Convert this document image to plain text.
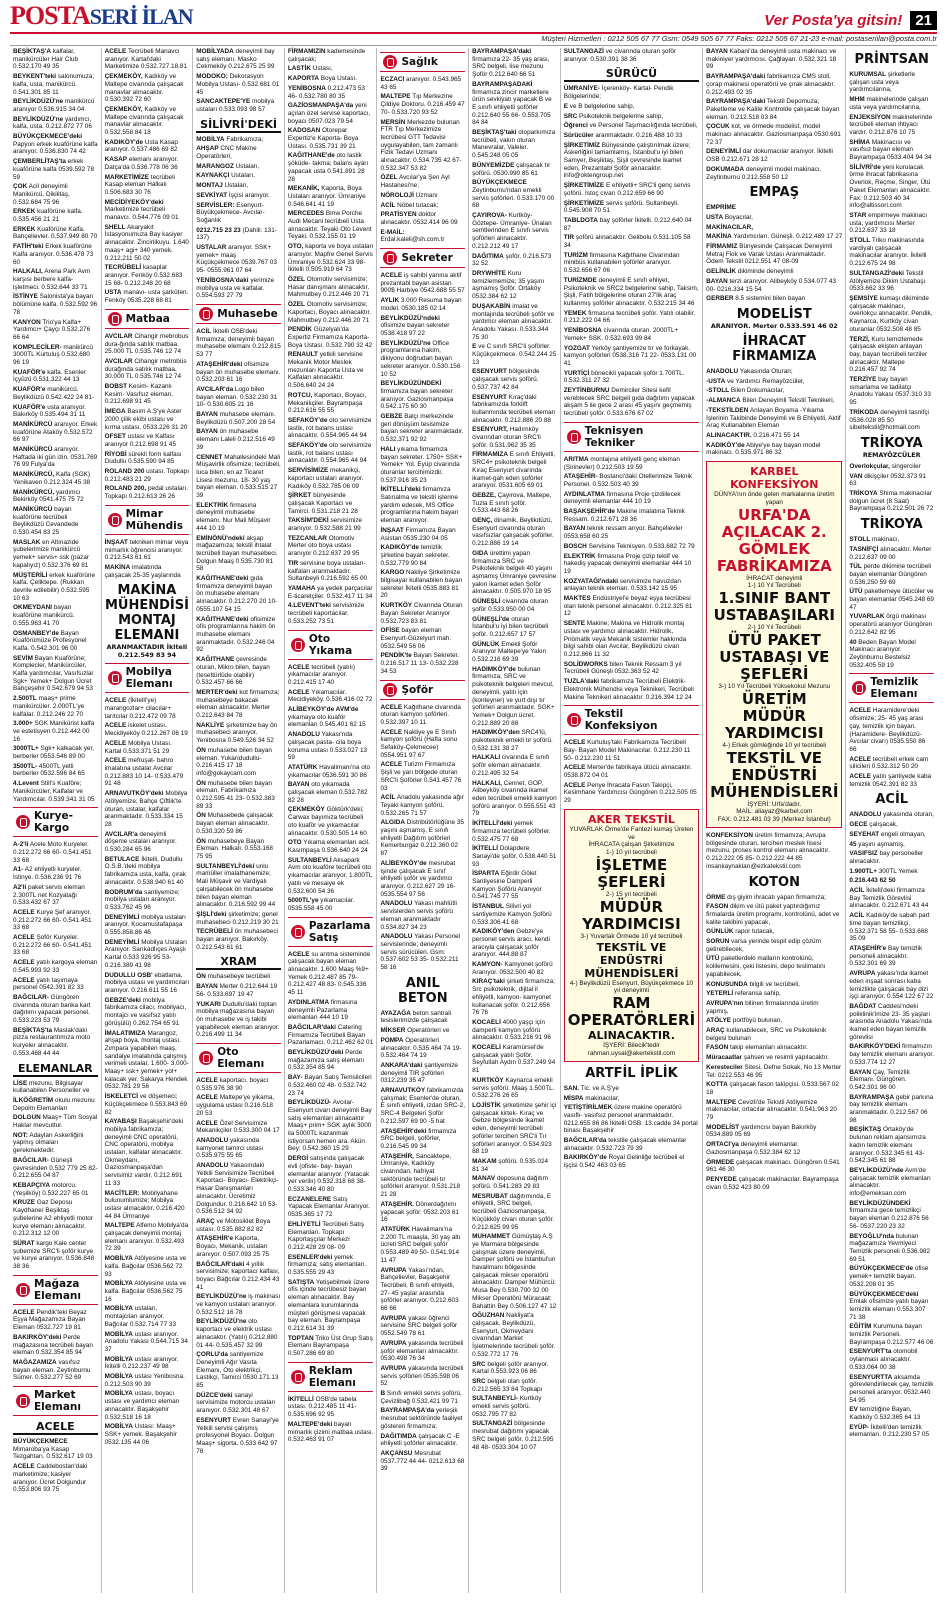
POSTASERİ İLAN	Ver Posta'ya gitsin! 21
Müşteri Hizmetleri : 0212 505 67 77 Gsm: 0549 505 67 77 Faks: 0212 505 67 21-23 e-mail: postaseriilan@posta.com.tr
BEŞİKTAŞ'A kalfalar, manikürcüler Hair Club 0.532.170 49 35
BEYKENT'teki salonumuza; kalfa, usta, manikürcü. 0.541.301 85 11
BEYLİKDÜZÜ'ne manikürcü aranıyor 0.536.915 34 04
BEYLİKDÜZÜ'ne yardımcı, kalfa, usta. 0.212.872 77 06
BÜYÜKÇEKMECE'deki Papyon erkek kuaförüne kalfa aranıyor. 0.536.830 74 42
ÇEMBERLİTAŞ'ta erkek kuaförüne kalfa 0539.592 78 59
ÇOK Acil deneyimli Manikürcü. Dikilitaş, 0.532.684 75 96
ERKEK kuaförüne kalfa. 0.535.456 21 21
ERKEK Kuaförüne Kalfa. Bahçelievler. 0.537.949 80 70
FATİH'teki Erkek kuaförüne Kalfa aranıyor. 0.536.478 73 60
HALKALI, Arena Park Avm karşısı berbere kalfa- işletmeci. 0.532.644 33 71
İSTİNYE Salonista'ya bayan bölümüne kalfa. 0.532.592 96 78
KANYON Trio'ya Kalfa+ Yardımcı+ Çayçı 0.532.276 66 64
KOMPLECİLER- manikürcü 3000TL Kurtuluş 0.532.680 96 19
KUAFÖR'e kalfa. Esenler İçyüzü 0.531.322 44 13
KUAFÖR'e manikürcü. Beylikdüzü 0.542.422 24 81-
KUAFÖR'e usta aranıyor. Bakırköy 0.535.494 31 11
MANİKÜRCÜ aranıyor. Erkek kuaförüne Ataköy 0.532.572 66 97
MANİKÜRCÜ aranıyor. Haftada iki gün izin. 0531.769 76 99 Fulya'da
MANİKÜRCÜ, Kalfa (SGK) Yenikaven 0.212.324 45 38
MANİKÜRCÜ, yardımcı Bekirköy 0541.475 75 72
MANİKÜRCÜ bayan kuaförüne tecrübeli Beylikdüzü Cevandede 0.530.454 83 25
MASLAK en Altınazide şubelerimize manikürcü yemek+ servis+ ssk (pazar kapalıyız) 0.532.376 69 81
MÜŞTERİLİ erkek kuaförüne kalfa. Çeliktepe. (Rukkan devrile edilebilir) 0.532.595 10 63
OKMEYDANI bayan kuaförüne manikürcü. 0.555.963 41 70
OSMANBEY'de Bayan Kuaförümüze Profesyonel Kalfa. 0.542.301 96 00
SEVİM Bayan Kuaförüne; Komplecler, Manikürcüler, Kalfa yardımcılar, Vasıfsızlar Sgk+ Yemek+ Dolgun Ücret Bahçeşehir 0.542.679 94 53
2.500TL maaş+ prime manikürcüler. 2.000TL'ye kalfalar. 0.212.246 22 70
3.000+ SGK Manikürist kalfa ve estetisyen 0.212.442 00 16
3000TL+ Sgk+ kalkacak yer, berberler 0553.546 89 00
3500TL- 4500TL yetli berberler 0532.596 84 65
4.Levent Still's Kuaföre; Manikürcüler, Kalfalar ve Yardımcılar. 0.539.341 31 05
Kurye-Kargo
A-2'li Acele Moto Kuryeler. 0.212.272 66 60- 0.541.451 33 68
A1- A2 ehliyetli kuryeler. İstinye. 0.536.236 91 76
A2'li paket servis eleman 2.300TL net Kozyatağı 0.533.432 67 37
ACELE Kurye Şef aranıyor. 0.212.272 66 60- 0.541.451 33 68
ACELE Şoför Kuryeler. 0.212.272 66 60- 0.541.451 33 68
ACELE yatılı kargoya eleman 0.545.993 92 33
ACELE yatılı taşımaya personel 0542.391 82 33
BAĞCILAR- Güngören civarında oturan banka kart dağıtımı yapacak personel. 0.533.223 53 79
BEŞİKTAŞ'ta Maslak'daki pizza restaurantımıza moto kuryeler alınacaktır. 0.553.468 44 44
ELEMANLAR
LİSE mezunu, Bilgisayar kullanabilen Personeller ve
İLKÖĞRETİM okulu mezunu Depolm Elemanları
DOLGUN Maaş+ Tüm Sosyal Haklar mevcuttur.
NOT: Adayları Askerliğini yapmış olmaları gerekmektedir.
BAĞCILAR- Güneşli çevresinden 0.532 779 25 82- 0.212.655 04 87
KEBAPÇIYA motorcu. (Yeşilköy) 0.532.227 65 01
KRUZE Gaz Deposu Kaydhane/ Beşiktaş şubelerine A2 ehliyetli motor kurye elemanı alınacaktır. 0.212.312 12 00
SÜRAT kargo Kale center şubemize SRC'li şoför kurye ve kurye aranıyor. 0.536.848 38 36
Mağaza Elemanı
ACELE Pendik'teki Beyaz Eşya Mağazamıza Bayan Eleman 0532.727 19 81
BAKIRKÖY'deki Perde mağazasına tecrübeli bayan eleman 0.532.354 85 94
MAĞAZAMIZA vasıfsız bayan eleman. Zeytinburnu Sümer. 0.532.277 52 69
Market Elemanı
ACELE
BÜYÜKÇEKMECE Mimaroba'ya Kasap Tezgahtarı. 0.532.617 19 03
ACELE Caddebostan'daki marketimize; kasiyer aranıyor. Ücret Dolgundur 0.553.806 93 75
ACELE Tecrübeli Manavcı aranıyor. Kartal'daki Marketimize 0.532.727.18.81
ÇEKMEKÖY, Kadıköy ve Maltepe civarında çalışacak manavlar alınacaktır. 0.530.392 72 60
ÇEKMEKÖY, Kadıköy ve Maltepe civarında çalışacak manavlar alınacaktır. 0.532.558 84 18
KADIKÖY'de Usta Kasap aranıyor. 0.537.486 69 82
KASAP elemanı aranıyor. Datça'da 0.536.778 06 36
MARKETİMİZE tecrübeli Kasap eleman Halkalı 0.506.683 30 76
MECİDİYEKÖY'deki Marketimize tecrübeli manavcı. 0.544.776 09 01
SHELL Akaryakıt İstasyonumuza Bay kasiyer alınacaktır. Zincirlikuyu. 1.640 maaş+ agi+ 340 yemek. 0.212.211 50 02
TECRÜBELİ kasaplar aranıyor. Fenköy 0.532.683 15 68- 0.212.248 20 68
USTA manavı- usta şarküten. Fenköy 0535.228 68 81
Matbaa
AVCILAR Cihangir mebrobus dura-ğında satılık matbaa. 25.000 TL 0.535.746 12 74
AVCILAR Cihangir metrobüs durağında satılık matbaa. 30.000 TL 0.535.746 12 74
BOBST Kesim- Kazanlı Kesim- Vasıfsız eleman. 0.212.698 91 45
İMEGA Basım A.Ş'ye Aster 2000 çilik ekibi ustası ve kırma ustası. 0533.226 31 20
OFSET ustası ve Kalfası aranıyor 0.212.698 91 45
RİYOBİ sürekli form kalfası Dudullu 0.535.590 94 85
ROLAND 200 ustası. Topkapı 0.212.483 21 29
ROLAND 200, pedal ustaları. Topkapı 0.212.613 26 26
Mimar Mühendis
İNŞAAT tekniken mimar veya mimarlık öğrencisi aranıyor. 0.212.543 61 61
MAKİNA imalatında çalışacak 25-35 yaşlarında
MAKİNA MÜHENDİSİ MONTAJ ELEMANI
ARANMAKTADIR İkiteli 0.212.549 83 94
Mobilya Elemanı
ACELE (İkitelli'ye) marangozlar+ cilacılar+ tarıtcılar 0.212.472 09 78
ACELE iskelet ustası. Mecidiyeköy 0.212.267 06 19
ACELE Mobilya Ustası. Kartal 0.533.371 51 29
ACELE mefruşat- bahro imalatına ustalar Avcılar 0.212.883 10 14- 0.533.479 91 48
ARNAVUTKÖY'deki Mobilya Atölyemize; Bahçe Çiftlik'te oturan, ustalar, kalfalar aranmaktadır. 0.533.334 15 28
AVCILAR'a deneyimli döşeme ustaları aranıyor. 0.530.284 65 96
BETULACE İkitelli, Dudullu O.S.B.'deki mobilya fabrikamıza usta, kalfa, çırak alınacaktır. 0.538.940 61 40
BODRUM'da santiyemize; mobilya ustaları aranıyor. 0.533.762 45 96
DENEYİMLİ mobilya ustaları aranıyor. Kocamustafapaşa 0.555.858.86 46
DENEYİMLİ Mobilya Ustaları Aranıyor. Sarıkadlıçes Ayaşlı Kartal 0.533 926 95 53- 0.216.389 41 98
DUDULLU OSB' ebatlama, mobilya ustası ve yardımcıları aranıyor. 0.216.611 55 16
GEBZE'deki mobilya fabrikamıza cilacı, mobilyacı, montajcı ve vasıfsız yatılı görüşülü) 0.262.754 65 91
İMALATIMIZA Marangoz, ahşap boya, montaj ustası. Zımpara yapabilen maaş, sandalye imalatında çalışmış verimeli ustalar. 1.600- 3.000- Maaş+ ssk+ yemek+ yol+ kalacak yer. Sakarya Hendek 0532.781 29 56
İSKELETCİ ve döşemeci; Küçükçekmece 0.553.843 69 82
KAYABAŞI Başakşehir'deki mobilya fabrikamıza; deneyimli CNC operatörü, CNC operatörü, mobilya ustaları, kalfalar alınacaktır. Okmeydanı, Gaziosmanpaşa'dan servisimiz vardır. 0.212.691 11 33
MACİTLER: Mobilyahane bulunumlumize; Mobilya ustası alınacaktır. 0.216.420 44 84 Ümraniye
MALTEPE Alfemo Mobilya'da çalışacak deneyimli montaj elemanı aranıyor. 0.532.493 72 39
MOBİLYA Atölyesine usta ve kalfa. Bağcılar 0536.562 72 93
MOBİLYA Atölyesine usta ve kalfa. Bağcılar 0536.562 75 16
MOBİLYA ustaları, montajcıları aranıyor. Bağcılar 0.532.714 77 33
MOBİLYA ustası aranıyor. Anadolu Yakası 0.544.715 34 37
MOBİLYA ustası aranıyor. İkitelli 0.212.237 49 98
MOBİLYA ustası Yenibosna. 0.212.503 90 39
MOBİLYA ustası, boyacı ustası ve yardımcı eleman alınacaktır. Başakşehir 0.532.518 16 18
MOBİLYA Ustası: Maaş+ SSK+ yemek. Başakşehir 0532.135 44 06
MOBİLYADA deneyimli bay satış elemanı. Masko Cekmeköy 0.212.675 25 99
MODOKO; Dekorasyon Mobilya Ustası- 0.532.681 01 45
SANCAKTEPE'YE mobilya ustaları 0.533.093 98 57
SİLİVRİ'DEKİ
MOBİLYA Fabrikamıza;
AHŞAP CNC Makine Operatörleri,
MARANGOZ Ustaları,
KAYNAKÇI Ustaları,
MONTAJ Ustaları,
SEVKİYAT İşçisi aranıyor.
SERVİSLER: Esenyurt- Büyükçekmece- Avcılar- Soğanlık
0212.715 23 23 (Dahili: 131-137)
USTALAR aranıyor. SSK+ yemek+ maaş Küçükçekmece 0539.767 03 95- 0555.961 07 64
YENİBOSNA'daki yerimize mobilya usta ve kalfalar. 0.554.593 27 79
Muhasebe
ACİL İkitelli OSB'deki firmamıza; deneyimli bayan muhasebe elemanı 0.212.615 53 77
ATAŞEHİR'deki ofisimize bayan ön muhasebe elemanı. 0.532.203 61 16
AVCILAR'da Logo bilen bayan eleman. 0.532.230 31 10- 0.530.605 21 16
BAYAN muhasebe elemanı. Beylikdüzü 0.507.200 28 54
BAYAN ön muhasebe elemanı Laleli 0.212.516 49 39
CENNET Mahallesindeki Mali Müşavirlik ofisimize; tecrübeli, luca bilen, en az Ticaret Lisesi mezunu, 18- 30 yaş bayan eleman. 0.533.515 27 39
ELEKTRİK firmasına deneyimli muhasebe elemanı. Nur Mali Müşavir 444 10 19
EMİNÖNÜ'ndeki akşap mağazamıza; tekstil ihtalat tecrübeli bayan muhasebeci. Dolgun Maaş 0.535.730 81 58
KAĞITHANE'deki gıda firmamıza deneyimli bayan ön muhasebe elemanı alınacaktır. 0.212.270 20 10- 0555.107 54 15
KAĞITHANE'deki ofisimize ofis programlarına hakim ön muhasebe elemanı aranmaktadır. 0.532.246 04 92
KAĞITHANE çevresinde oturan, Mikro bilen, bayan (tesettürlüde olabilir) 0.532.457 66 66
MERTER'deki kot firmamıza; muhasebeye bakacak eleman alınacaktır. Merter 0.212.643 84 78
NAKLİYE şirketimize bay ön muhasebeci aranıyor. Yenibosna 0.549.526 34 52
ÖN muhasebe bilen bayan eleman. Yukarıdudullu- 0.216.415 17 18 info@gokaycam.com
ÖN muhasebe bilen bayan eleman. Fabrikamıza 0.212.595 41 23- 0.532.383 89 33
ÖN Muhasebede çalışacak bayan eleman alınacaktır. 0.530.320 59 86
ÖN muhasebeye Bayan Eleman. Halkalı. 0.553.168 75 95
SULTANBEYLİ'deki unlu mamüller imalathanemize; Mali Müşavir ve Vardiyalı çalışabilecek ön muhasebe bilen bayan eleman alınacaktır. 0.216.592 99 44
ŞİŞLİ'deki şirketimize; genel muhasebeci 0.212.219 30 21
TECRÜBELİ ön muhasebeci bayan aranıyor. Bakırköy. 0.212.543 61 61
XRAM
ÖN muhasebeye tecrübeli
BAYAN Merter 0.212.644 19 56- 0.533.697 19 47
YUKARI Dudullu'daki toptan mobilya mağazasına bayan ön muhasebe ve iş takibi yapabilecek eleman aranıyor. 0.216.499 11 34
Oto Elemanı
ACELE kaportacı, boyacı 0.535.976 38 90
ACELE Maltepe'ye yikama, uygulama ustası 0.216.518 20 53
ACELE Özel Servisimize Mekanikçiler 0.533.300 04 17
ANADOLU yakasında kamyonet tamirci ustası 0.535.975 55 65
ANADOLU Yakasındaki Yetkili Servisimize Tecrübeli Kaportacı- Boyacı- Elektrikçi- Hasar Danışmanları alınacaktır. Ücretimiz Dolgundur. 0.216.642 10 53- 0.536.512 34 92
ARAÇ ve Motosiklet Boya ustası. 0.535.882 82 82
ATAŞEHİR'e Kaporta, Boyacı, Mekanik, ustaları aranıyor. 0.507.093 25 75
BAĞCILAR'daki 4 yıllık servisimize; kaportacı kalfası, boyacı Bağcılar 0.212.434 43 41
BEYLİKDÜZÜ'ne iş makinası ve kamyon ustaları aranıyor. 0.532.512 16 78
BEYLİKDÜZÜ'ne oto kaportacı ve elektrik ustası alınacaktır. (Yatılı) 0.212.880 01 44- 0.535.457 32 99
ÇORLU'da santiyemize Deneyimli Ağır Vasıta Elemanı, Oto elektrikçi, Lastikçi, Tamirci 0530.171.13 85
DÜZCE'deki sanayi servisimize motorcu ustaları aranıyor. 0.532.301 48 67
ESENYURT Evren Sanayi'ye Yetkili servisi çalışmış profesyonel Boyacı. Dolgun Maaş+ sigorta. 0.533 642 97 78
FİRMAMIZIN kademesinde çalışacak;
LASTİK Ustası,
KAPORTA Boya Ustası.
YENİBOSNA 0.212.473 53 46- 0.532.780 80 35
GAZİOSMANPAŞA'da yeni açılan özel servise kaportacı, boyacı 0507.023 79 54
KADOSAN Otorepar Expertiz'e Kaporta- Boya Ustası. 0.535.731 39 21
KAĞITHANE'de oto lastik şöküde- takma; balans ayarı yapacak usta 0.541.891 28 28
MEKANİK, Kaporta, Boya Ustaları aranıyor. Ümraniye 0.546.641 41 19
MERCEDES Bmw Porche Audi Mecani tecrübeli Usta alınacaktır. Teyaki Oto Levent Teyaki. 0.532.155 01 19
OTO, kaporta ve boya ustaları aranıyor. Mapfre Genel Servis Ümraniye 0.532.624 33 98- İkitelli 0.505.919 64 73
ÖZEL Otomotiv servisimize; Hasar danışmanı alınacaktır. Mahmutbey 0.212.446 20 71
ÖZEL Otomotiv servisimize; Kaportacı, Boyacı alınacaktır. Mahmutbey 0.212.446 20 71
PENDİK Güzelyalı'da Expertiz Firmamıza Kaporta- Boya Ustası. 0.532.790 32 42
RENAULT yetkili servisine Mekanik Motor Meslek mezunları Kaporta Usta ve Kalfaları alınacaktır. 0.506.640 24 24
ROTCU, Kaportacı, Boyacı, Mekanikçiler. Bayrampaşa 0.212.616 55 55
SEFAKÖY'de oto servisimize lastik, rot balans ustası alınacaktır. 0.554.965 44 94
SEFAKÖY'de oto servisimize lastik, rot balans ustası alınacaktır. 0.554.965 44 94
SERVİSİMİZE mekanikçi, kaportacı ustaları aranıyor. Kadıköy 0.532.785 06 09
ŞİRKET bünyesinde çalışacak Kaportacı ve Tamirci. 0.531.218 21 28
TAKSİM'DEKİ servisimize aranıyor. 0.532.588 21 99
TEZCANLAR Otomotiv Merter oto boya ustası aranıyor 0.212.637 29 95
TIR servisine boya ustaları- kalfaları aranmaktadır. Sultanbeyli 0.216.592 65 00
YAMAHA ya yedek parçacılar E-ticaretçiler. 0.532.417 11 34
4.LEVENT'teki servisimize tecrübeli kaportacılar. 0.533.252 73 51
Oto Yıkama
ACELE tecrübeli (yatılı) yıkamacılar aranıyor. 0.212.415 17 40
ACELE Yıkamacılar. Mecidiyeköy. 0.536.416 02 72
ALİBEYKÖY'de AVM'de yıkamaya oto kuaför elemanları 0.545.401 62 15
ANADOLU Yakası'nda çalışacak pasta- cila boya koruma ustası 0.533.027 13 59
ATATÜRK Havalimanı'na oto yıkamacılar 0536.591 30 86
BAYAN oto yıkamada çalışacak eleman 0.532.782 82 28
ÇEKMEKÖY Göktürk'deki; Carwax bayımıza tecrübeli oto kuaför ve yıkamacılar alınacaktır. 0.530.505 14 60
OTO Yıkama elemanları acil. Kasımpaşa 0.536.640 24 24
SULTANBEYLİ Aksapark Avm oto kuaföre tecrübeli oto yıkamacılar aranıyor. 1.800TL yatılı ve mesaiye ek 0.532.600 54 36
5000TL'ye yıkamacılar. 0535.558 45 00
Pazarlama Satış
ACELE su arıtma sisteminde çalışacak bayan eleman alınacaktır. 1.600 Maaş %9+ Yemek 0.212.487 85 79- 0.212.427 48 83- 0.545.336 45 11
AYDINLATMA firmasına deneyimli Pazarlama elemanları 444 10 19
BAĞCILAR'daki Catering Firmamıza Tecrübeli Bayan Pazarlamacı. 0.212.462 62 01
BEYLİKDÜZÜ'deki Perde mağazamıza satış elemanı 0.532.354 85 94
BAY- Bayan Satış Temsilcileri 0.532.460 02 48- 0.532.742 23 74
BEYLİKDÜZÜ- Avcılar- Esenyurt civarı deneyimli Bay satış elemanları alınacaktır Maaş+ prim+ SGK aylık 3000 ila 5000TL kazanmak istiyorsan hemen ara. Akün Bey: 0.542.360 15 29
DERGİ satışında çalışacak evli (ofiste- bay- bayan elemanlar aranıyor. (Yatacak yer veriliı) 0.532.318 68 38- 0.533.346 40 80
ECZANELERE Satış Yapacak Elemanlar Aranıyor. 0535.365 17 72
EHLİYETLİ Tecrübeli Satış Elemanları. Topkapı Kaportaşçılar Merkezi 0.212.428 29 08- 09
ESENLER'deki yemek firmamıza; satış elemanları. 0.535.555 29 43
SATIŞTA Yetişebilmek üzere ofis içinde tecrübesiz bayan eleman alınacaktır. Bay elemanlara kurumlarında müşteri görüşmesi vapacak bay eleman. Bayrampaşa 0.212.614 31 39
TOPTAN Triko Üst Grup Satış Elemanı Bayrampaşa 0.507.286 69 80
Reklam Elemanı
İKİTELLİ OSB'de tabela ustası. 0.212.485 11 41- 0.535.696 92 95
MALTEPE'deki bayan mimarlık çizimi matbaa ustası. 0.532.463 91 07
Sağlık
ECZACI aranıyor. 0.543.965 43 65
MALTEPE Tıp Merkezine Çildiye Doktoru. 0.216.459 47 70- 0.533.720 93 52
MERSİN Merkezde bulunan FTR Tıp Merkezimize tecrübesi GTT Tedavisi uygulayabilen, tam zamanlı Fizik Tedavi Uzmanı alınacaktır. 0.534.735 42 67- 0.532.347 53 82
ÖZEL Avcılar'ya Şen Ayl Hastanesi'ne;
NÖROLOJİ Uzmanı
ACİL Nöbet tutacak;
PRATİSYEN doktor alınacaktır. 0532.414 96 09
E-MAİL: Erdal.kaleli@sh.com.tr
Sekreter
ACELE iş sahibi yanına aktif prezantabl bayan asistan 900$ Harbiye 0542.688 55 57
AYLIK 3.000 Resuma bayan model. 0530.185 02 14
BEYLİKDÜZÜ'ndeki ofisimize bayan sekreter 0538.418 97 22
BEYLİKDÜZÜ'ne Office programlarına hakim, dikiyonu doğrudan bayan sekreter aranıyor. 0.530.156 10 52
BEYLİKDÜZÜNDEKİ firmamıza bayan sekreter aranıyor. Gaziosmanpaşa 0.542.175 60 30
GEBZE Balçı merkezinde geri dönüşüm tesisimize bayan sekreter aranmaktadır. 0.532.371 92 92
HALI yıkama firmamıza bayan sekreter. 1750+ SSK+ Yemek+ Yol. Eyüp civarında oturanlar tercihimizdir. 0.537.916 35 23
İKİTELLİ'deki firmamıza Satınalma ve tekstil işlerine yardım edecek, MS Office programlarına hakim bayan eleman aranıyor.
İNŞAAT Firmamıza Bayan Asistan 0535.230 04 05
KADIKÖY'de temizlik şirketine bayan sekreter. 0.532.779 90 84
KARGO Nakliye Şirketimize bilgisayar kullanabilen bayan sekreter İkitelli 0535.883 81 20
KURTKÖY Civarında Oturan Bayan Sekreter Aranıyor 0.532.723 83 81
OFİSE bayan eleman Esenyurt-Güzelyurt mah. 0532.549 56 06
PENDİK'te Bayan Sekreter. 0.216.517 11 13- 0.532.228 34 53
Şoför
ACELE Kağıthane civarında oturan kamyon şoförleri. 0.532.397 10 11
ACELE Nakliye ye E Sınıfı kamyon şoförü (Hafta sonu Sefaköy-Çekmecee) 0554.951 97 67
ACELE Turizm Firmamıza Şişli ve yarı bölgede oturan SRC'li Şoförler 0.541.457 76 03
ACİL Anadolu yakasında ağır Teyaki kamyon şoförü. 0.532.265 71 57
ALGIDA Distribütörlüğüne 35 yaşını aşmamış, E sınıfı ehliyetli Dağıtım şoförleri Kemerburgaz 0.212.360 02 87
ALİBEYKÖY'de mesrubat işinde çalışacak E sınıf ehliyetli şoför ve yardımcı aranıyor. 0.212.627 29 16- 0535.554 97 56
ANADOLU Yakası mahlütli servislerden servis şoförü eleman aranmaktadır 0.534.827 34 23
ANADOLU Yakası Personel servislerinde; deneyimli servis sürücüleri. Gsm: 0.537.602 53 35- 0.532.211 58 16
ANIL BETON
AYAZAĞA beton santrali tesislerimizde çalışacak
MİKSER Operatörleri ve
POMPA Operatörleri alınacaktır. 0.535.464 74 19- 0.532.464 74 19
ANKARA'daki şantiyemize deneyimli TIR şoförleri 0312.239 35 47
ARNAVUTKÖY fabrikamızda çalışmak; Esenler'de oturan, E sınıfı ehliyetli, izdan SRC-2, SRC-4 Belgeleri Şoför 0.212.597 69 90 -5 hat
ATAŞEHİR'deki firmamıza SRC belgeli, şoförler, 0.216.545 99 34
ATAŞEHİR, Sancaktepe, Ümraniye, Kadıköy civarından, hafriyat sektöründe tecrübeli tır şoförleri aranıyor. 0.531.218 21 28
ATAŞEHİR. Dönerdağıtımı yapacak şoför. 0532.203 61 16
ATATÜRK Havalimanı'na 2.200 TL maaşla, 30 yaş altı ücreti SRC belgeli şoför 0.553.489 49 50- 0.541.914 11 47
AVRUPA Yakası'ndan, Bahçelievler, Başakşehir Tecrübeli, B sınıfı ehliyetli, 27- 45 yaşlar arasında şoförler aranıyor. 0.212.603 66 66
AVRUPA yakası öğrenci servisine SRC belgeli şoför 0552.549 78 61
AVRUPA yakasında tecrübeli şoför elemanları alınacaktır. 0530.498 76 34
AVRUPA yakasında tecrübeli servis şoförleri 0535.598 06 52
B Sınıfı emekli servis şoförü, Çevizlibağ 0.532.421 99 71
BAYRAMPAŞA'da yerleşik mesrubat sektöründe faaliyet gösteren firmamıza;
DAĞITIMDA çalışacak C -E ehliyetli şoförler alınacaktır.
AKÇANSU Mesrubat 0537.772 44 44- 0212.613 68 39
BAYRAMPAŞA'daki firmamıza 22- 35 yaş arası, SRC belgeli, lise mezunu Şoför 0.212.640 66 51
BAYRAMPAŞADAKİ firmamıza zincir marketlere ürün sevkiyatı yapacak B ve E sınıfı ehliyetli şoförler 0.212.640 55 66- 0.553.705 84 84
BEŞİKTAŞ'taki otoparkımıza tecrübeli, vakın oturan Manevralar, Valeler. 0.545.248 05 05
BÜNYEMİZDE çalışacak tır şoförü. 0530.990 85 61
BÜYÜKÇEKMECE Zeytinburnu'ndan emekli servis şoförleri. 0.533.170 00 68
ÇAYIROVA- Kurtköy- Göztepe- Ümraniye- Ünalan semtlerinden E sınıfı servis şoförleri alınacaktır. 0.212.212 49 17
DAĞITIMA şoför. 0.216.573 32 52
DRYWHİTE Kuru temizlememize; 35 yaşını aşmamış Şoför. Ortaköy 0532.384 62 12
DUŞAKABİN imalat ve montajında tecrübeli şoför ve yardımcı eleman alınacaktır. Anadolu Yakası. 0.533.344 75 30
E ve C sınıfı SRC'li şoförler. Küçükçekmece. 0.542.244 25 13
ESENYURT bölgesinde çalışacak servis şoförü. 0.537.737 42 84
ESENYURT Kıraç'daki fabrikamızda forklift kullanmında tecrübeli eleman alınacaktır. 0.212.886 20 88
ESENYURT, Hadımköy civarından oturan SRC'li şoför. 0.531.962 35 35
FİRMAMIZA E sınıfı Ehliyetli, SRC4+ psikoteknik belgeli Kıraç Esenyurt civarında ikamet-gah eden şoförler aranıyor. 0531.605 69 01
GEBZE, Çayırova, Maltepe, Tuzla E sınıfı şoför. 0.533.443 68 26
GENÇ, dinamik, Beylikdüzü, Esenyurt civarında oturan vasıfsızlar çalışacak şoförler. 0.212.886 19 14
GIDA ürettimi yapan firmamıza SRC ve Psikoteknik belgeli 40 yaşını aşmamış Ümraniye çevresine yakın ikamet eden Şoför alınacaktır. 0.505.970 18 95
GÜNEŞLİ civarında oturan şoför 0.533.950 00 04
GÜNEŞLİ'de oturan İstanbul'u iyi bilen tecrübeli şoför. 0.212.657 17 57
GÜNLÜK Emekli Şoför Aranıyor Maltepe'ye Yakın 0.532.216 69 39
HADIMKÖY'de bulunan firmamıza, SRC ve psikoteknik belgeleri mevcut, deneyimli, yatılı için (konteyner) ve yurt dışı tır şoförleri aranmaktadır. SGK+ Yemek+ Dolgun ücret. 0.212.889 20 88
HADIMKÖY'den SRC4'lü, psikoteknik emekli tır şoförü. 0.532.131 38 27
HALKALI civarında E sınıfı şoför eleman alınacaktır. 0.212.495 32 54
HALKALI, Cennet, GOP, Alibeyköy civarında ikamet eden tecrübeli emekli kamyon şoförü aranıyor. 0.555.551 43 79
İKİTELLİ'deki yemek firmamıza tecrübeli şoförler. 0.532.475 77 68
İKİTELLİ Dolapdere Sanayi'de şoför. 0.538.440 51 93
İSPARTA Eğirdir Gölet Santiyesine Damperli Kamyon Şoförü Aranıyor 0.541.745 77 55
İSTANBUL Silivri yol santiyemize Kamyon Şoförü 0.533.306 41 68
KADIKÖY'den Gebze'ye personel servis aracı, kendi aracıyla çalışacak şoför aranıyor. 444.88 87
KAMYON- Kamyonet şoförü Aranıyor. 0532.500 40 82
KIRAÇ'taki şirketi firmamıza; Src psikoteknik, dijital il ehliyetli, kamyon- kamyonet kullanacak şoför. 0.212.656 76 76
KOCAELİ 4000 yaşçı için damperli kamyon şoförü alınacaktır. 0.533.216 91 96
KOCAELİ Karamürsel'de çalışacak yatılı Şoför. Seyfullah Aydın 0.537.249 94 81
KURTKÖY Kaynarca emekli servis şoförü. Maaş 1.500TL. 0.532.276 26 65
LOJİSTİK şirketimize şehir içi çalışacak kirtek- Kıraç ve Gebze bölgesinde ikamet eden, deneyimli tecrübeli şoförler tercihen SRC'li Tır şoförleri aranıyor. 0.534.923 88 19
MAKAM şoförü. 0.535.024 81 34
MANAV deposuna dağıtım şoförü. 0.541.283 29 83
MESRUBAT dağıtımında, E ehliyetli, SRC belgeli, tecrübeli Gaziosmanpaşa, Küçükköy civarı oturan şoför. 0.212.625 99 95
MUHAMMET Gümüştaş A.Ş ye Marmara bölgesinde çalışmak üzere deneyimli, Damper şoförü ve İstanbul'un havalimanı bölgesinde çalışacak mikser operatörü alınacaktır. Damper Mühürcü: Musa Bey 0.530.700 32 00 Mikser Operatörü Müracaat: Bahattin Bey 0.506.127 47 12
OĞUZHAN Nakliyat'a çalışacak, Beylikdüzü, Esenyurt, Okmeydanı civarından Market İşletmelerinde tecrübeli şoför. 0.532.772 17 76
SRC belgeli şoför aranıyor. Kartal 0.553.923 06 86
SRC belgeli olan şoför. 0.212.565 33 84 Topkapı
SULTANBEYLİ- Kurtköy emekli servis şoförü. 0532.795 77 82
SULTANGAZİ bölgesinde mesrubat dağıtımı yapacak SRC belgeli şoför. 0.212.595 48 48- 0533.304 10 07
SULTANGAZİ ve civarında oturan şoför aranıyor. 0.530.391 38 36
SÜRÜCÜ
ÜMRANİYE- İçerenköy- Kartal- Pendik Bölgelerinde;
E ve B belgelerine sahip,
SRC Psikoteknik belgelerine sahip,
Öğrenci ve Personel Taşımacılığında tecrübeli,
Sürücüler aranmaktadır. 0.216.488 10 33
ŞİRKETİMİZ Bünyesinde çalıştırılmak üzere; Askerliğini tamamlamış, İstanbul'u iyi bilen Samyer, Beşiktaş, Şişli çevresinde ikamet eden, Prezantabl Şoför alınacaktır. info@oktengroup.net
ŞİRKETİMİZE E ehliyetli+ SRC'li genç servis şoförü. İstoç civarı 0.212.659 66 90
ŞİRKETİMİZE servis şoförü. Sultanbeyli. 0.545.908 70 51
TABLDOTA bay şoförler İkitelli. 0.212.640 04 87
TIR şoförü alınacaktır. Gelibolu 0.531.105 58 34
TURİZM firmasına Kağıthane Civarından minibüs kullanabilen şoförler aranıyor. 0.532.656 67 06
TURİZMDE deneyimli E sınıfı ehliyet, Psikoteknik ve SRC2 belgelerine sahip, Taksim, Şişli, Fatih bölgelerine oturan 27'lik araç kullanmış şoförler alınacaktır. 0.532.215 34 46
YEMEK firmasına tecrübeli şoför. Yatılı olabilir. 0.212.222 04 66
YENİBOSNA civarında oturan. 2000TL+ Yemek+ SSK. 0.532.693 99 84
YOZGAT Yerköy şantiyemize tır ve forkayak. kamyon şoförleri 0538.316 71 22- 0533.131 00 41
YURTİÇİ bönecikli yapacak şoför 1.700TL. 0.532.311 27 32
ZEYTİNBURNU Demirciler Sitesi kefil vereblecek SRC belgeli gıda dağıtımı yapacak akşam 5 ile gece 2 arası 45 yaşını geçmemiş tecrübeli şoför. 0.533.676 67 02
Teknisyen Tekniker
ARITMA montajına ehliyetli genç eleman (Sirinevler) 0.212.503 19 59
ATAŞEHİR- Bostanci'daki Otellerimize Teknik Personel. 0.532.503 40 39
AYDINLATMA firmasına Proje çizdiilecek deneyimli elemanlar 444 10 19
BAŞAKŞEHİR'de Makine imalatına Teknik Ressam. 0.212.671 28 36
BAYAN teknik ressam arıyor. Bahçelievler 0553.658 60 25
BOSCH Servisine Teknisyen. 0.533.682 72 79
ELEKTRİK firmasına Proje çizip teklif ve hakediş yapacak deneyimli elemanlar 444 10 19
KOZYATAĞI'ndaki servisimize havuzdan anlayan teknik eleman. 0.533.142 15 95
MAKTES Endüstriyel'e beyaz eşya tecrübesi olan teknik personel alınacaktır. 0.212.325 81 12
SENTE Makine; Makina ve Hidrolik montaj ustası ve yardımcı alınacaktır. Hidrolik, Pnömatik veya Mekanik sistemler hakkında bilgi sahibi olan Avcılar, Beylikdüzü civarı 0.212.866 11 32
SOLİDWORKS bilen Teknik Ressam 3 yıl Tecrübeli Güneşli 0532.363 52 42
TUZLA'daki fabrikamıza Tecrübeli Elektrik- Elektronik Mühendisi veya Teknikeri, Tecrübeli Makine Teknikeri alınacaktır. 0.216.394 12 24
Tekstil Konfeksiyon
ACELE Kurtuluş'taki Fabrikamıza Tecrübeli Bay- Bayan Model Makinacılar. 0.212.230 11 50- 0.212.230 11 51
ACELE Merter'de fabrikaya ütücü alınacaktır. 0538.872 04 01
ACELE Penye İhracata Fason Takipçi, Kesimhane Yardımcısı Güngören 0.212.505 05 29
AKER TEKSTİL
YUVARLAK Örme'de Fantezi kumaş Üreten ve
İHRACATA çalışan Şirketimize
1-) 10 yıl tecrübeli
İŞLETME ŞEFLERİ
2-) 15 yıl tecrübeli
MÜDÜR YARDIMCISI
3-) Yuvarlak Örmede 10 yıl tecrübeli
TEKSTİL VE ENDÜSTRİ MÜHENDİSLERİ
4-) Beylikdüzü Esenyurt, Büyükçekmece 10 yıl deneyimli
RAM OPERATÖRLERİ
ALINACAKTIR.
İŞYERİ: Bilecik'tedir
rahman.uysal@akertekstil.com
ARTFİL İPLİK
SAN. Tic. ve A.Ş'ye
MİSPA makinacılar,
YETİŞTİRİLMEK üzere makine operatörü vasıflı- vasıfsız personel aranmaktadır. 0212.655 86 86 İkitelli OSB. 13.cadde 34 portal binası Başakşehir
BAĞCILAR'da tekstile çalışacak elemanlar alınacaktır. 0.532.723 79 39
BAKIRKÖY'de Royal Gelinliğe tecrübeli el işçisi 0.542 463 03 65
BAYAN Kabani'da deneyimli usta makinacı ve makiniyer yardımcısı. Çağlayan. 0.532.321 18 99
BAYRAMPAŞA'daki fabrikamıza CMS stoll, çorap makinesi operatörü ve çırak alınacaktır. 0.212.493 02 35
BAYRAMPAŞA'daki Tekstil Depomuza; Paketleme ve Kalite Kontrolde çalışacak bayan eleman. 0.212.518 03 84
ÇOCUK kot, ve örmede modelist, model makinacı alınacaktır. Gaziosmanpaşa 0530.691 72 37
DENEYİMLİ dar dokumacılar aranıyor. İkitelli OSB 0.212.671 28 12
DOKUMADA deneyimli model makinacı. Zeytinburnu 0.212.558 50 12
EMPAŞ
EMPRİME
USTA Boyacılar,
MAKİNACILAR,
MAKİNA Yardımcıları. Güneşli. 0.212.489 17 27
FİRMAMIZ Bünyesinde Çalışacak Deneyimli Metraj Flok ve Varak Ustası Aranmaktadır. Ödem Tekstil 0212.551 47 08-09
GELİNLİK dikiminde deneyimli
BAYAN terzi aranıyor. Alibeyköy 0.534.077 43 00- 0216.334 15 54
GERBER 8.5 sistemini bilen bayan
MODELİST
ARANIYOR. Merter 0.533.591 46 02
İHRACAT FİRMAMIZA
ANADOLU Yakasında Oturan;
-USTA ve Yardımcı Remayözcüler,
-STOLL Bilen Dokumacılar,
-ALMANCA Bilen Deneyimli Tekstil Teknikeri,
-TEKSTİLDEN Anlayan Boyama -Yıkama İşlerinin Takibinde Deneyimli ve B Ehliyetli, Aktif Araç Kullanabilen Eleman
ALINACAKTIR. 0.216.471 55 14
KADIKÖY'de Abiye'ye bay bayan model makinacı. 0.535.971 86 32
KARBEL KONFEKSİYON
DÜNYA'nın önde gelen markalarına üretim yapan
URFA'DA AÇILACAK 2. GÖMLEK FABRİKAMIZA
İHRACAT deneyimli
1-) 10 Yıl Tecrübeli
1.SINIF BANT USTABAŞILARI
2-) 10 Yıl Tecrübeli
ÜTÜ PAKET USTABAŞI VE ŞEFLERİ
3-) 10 Yıl Tecrübeli Yüksekokul Mezunu
ÜRETİM MÜDÜR YARDIMCISI
4-) Erkek gömleğinde 10 yıl tecrübeli
TEKSTİL VE ENDÜSTRİ MÜHENDİSLERİ
İŞYERİ: Urfa'dadır.
MAİL: aliayaz@karbel.com
FAX: 0.212.481 03 39 (Merkez İstanbul)
KONFEKSİYON üretim firmamıza; Avrupa bölgesinde oturan, tercihen meslek lisesi mezunu, proses kontrol elemanı alınacaktır. 0.212.222 05 85- 0.212.222 44 85 insankaynakları@ezkatekstil.com
KOTON
ÖRME dış giyim ihracatı yapan firmamıza;
FASON dikim ve ütü paket yaptırdığımız firmalarda üretim programı, kontrolünü, adet ve kalite takibini yapacak,
GÜNLÜK rapor tutacak,
SORUN varsa yerinde tespit edip çözüm getirebilecek,
ÜTÜ paketlerdeki malların kontrolünü, kolilemesini, çeki listesini, depo teslimatını yapabilecek,
KONUSUNDA bilgili ve tecrübeli,
YETERLİ referansa sahip,
AVRUPA'nın bilinen firmalarında üretim yapmış,
ATÖLYE portföyü bulunan,
ARAÇ kullanabilecek, SRC ve Psikoteknik belgesi bulunan
FASON takip elemanları alınacaktır.
Müracaatlar şahsen ve resimli yapılacaktır.
Keresteciler Sitesi, Defne Sokak, No 13 Merter Tel: 0212.553 46 95
KOTTA çalışacak fason takipçisi. 0.533.567 02 18
MALTEPE Cevizli'de Tekstil Atölyemize makinacılar, ortacılar alınacaktır. 0.541.963 20 79
MODELİST yardımcısı bayan Bakırköy 0534.889 05 69
ORTACI'ya deneyimli elemanlar. Gaziosmanpaşa 0.532.384 62 12
ÖRMEDE çalışacak makinacı. Güngören 0.541 961 46 30
PENYEDE çalışacak makinacılar. Bayrampaşa civarı 0.532 423 80 09
PRİNTSAN
KURUMSAL şirketlerle çalışan usta veya yardımcılarına,
MHM makinelerinde çalışan usta veya yardımcılarına,
ENJEKSİYON makinelerinde tecrübeli eleman ihtiyacı vardır. 0.212.876 10 75
SHİMA Makinacısı ve vasıfsız bayan eleman Bayrampaşa 0533.404 94 34
SİLİVRİ'de yeni kurulacak örme ihracat fabrikasına Overlok, Reçme, Singer, Ütü Paket Elemanları alınacaktır. Fax: 0.212.503 40 34 info@altissori.com
STAR empirmeye makinacı usta, yardımcısı Merter 0.212.637 33 18
STOLL Triko makinasında vardiyalı çalışacak makinacılar aranıyor. İkitelli 0.212.675 24 98
SULTANGAZİ'deki Tekstil Atölyemize Dikim Ustabaşı 0533.662 33 96
ŞEMSİYE kumaşı dikiminde çalışacak makinacı, overlokçu alınacaktır. Pendik, Kaynarca, Kurtköy civarı oturanlar 0532.508 48 85
TERZİ, Kuru temizlemede çalışacak ekişten anlayan bay, bayan tecrübeli terziler alınacaktır. Maltepe 0.216.457 92 74
TERZİYE bay bayan ısmarlama ve tadilatçı Anadolu Yakası 0537.310 33 95
TRİKODA deneyimli tasnifçi 0536.028 85 50 sibeltekstil@hotmail.com
TRİKOYA
REMAYÖZCÜLER
Overlokçular, singerciler
VAN dikişçiler 0532.373 91 63
TRİKOYA Shima makinacılar dolgun ücret (8 Saat) Bayrampaşa 0.212.501 26 72
TRİKOYA
STOLL makinacı,
TASNİFÇİ alınacaktır. Merter 0.212.637 09 00
TÜL perde dikimine tecrübeli bayan elemanlar Güngören 0.536.250 59 69
ÜTÜ paketlemeye ütücüler ve bayan elemanlar 0545.248 69 47
YUVARLAK örgü makinası operatörü aranıyor Güngören 0.212.642 82 95
40 Beden Bayan Model Makinacı aranıyor. Zeytinburnu Bestelsiz 0532.405 59 19
Temizlik Elemanı
ACELE Haramidere'deki ofisimize; 25- 45 yaş arası çay, temizlik için bayan. (Haramidere- Beylikdüzü- Avcılar civarı) 0535.550 86 66
ACELE tecrübeli erkek cam silicileri 0.532.312 50 20
ACELE yatılı şantiyede kaba temizlik 0542.391 82 33
ACİL
ANADOLU yakasında oturan,
GECE çalışacak,
SEYEHAT engeli olmayan,
45 yaşını aşmamış,
VASIFSIZ bay personeller alınacaktır.
1.900TL+ 300TL Yemek
0.216.443 62 50
ACİL İkitelli'deki firmamıza Bay Temizlik Görevlisi alınacaktır. 0.212.671 43 44
ACİL Kadıköy'de sabah part time bayan temizlikçi. 0.532.371 58 55- 0.533.668 35 09
ATAŞEHİR'e Bay temizlik personeli alınacaktır. 0.532.301 69 39
AVRUPA yakası'nda ikamet eden inşaat sonrası kaba temizlikte çalışacak bay dizi işçi aranıyor. 0.554 122 67 22
BAĞDAT Caddesi'ndeki poliklinik'imize 23- 35 yaşları arasında Anadolu Yakası'nda ikamet eden bayan temizlik görevlisi
BAKIRKÖY'DEKİ firmamızın bay temizlik elemanı aranıyor. 0.533.774 12 27
BAYAN Çay, Temizlik Elemanı. Güngören. 0.542.301 96 00
BAYRAMPAŞA gebir parkına bay temizlik elemanı aranmaktadır. 0.212.567 06 98
BEŞİKTAŞ Ortaköy'de bulunan reklam ajansımıza kadın temizlik elemanı aranıyor. 0.532.345 61 43- 0.542.345 61 88
BEYLİKDÜZÜ'nde Avm'de çalışacak temizlik elemanları alınacaktır. info@emeksan.com
BEYLİKDÜZÜNDEKİ firmamıza gece temizlikçi bayan eleman 0.212.876 56 56- 0537.220 23 32
BEYOĞLU'nda bulunan mağazamıza Yevmiyeci Temizlik personeli 0.536.982 69 51
BÜYÜKÇEKMECE'de ofise yemek+ temizlik bayan. 0532.208 01 35
BÜYÜKÇEKMECE'deki Emlak ofisimize yatılı bayan temizlik elemanı 0.553.307 71 38
EĞİTİM Kurumuna bayan temizlik Personeli. Bayrampaşa 0.212.577 46 06
ESENYURT'ta otomobil oylanması alınacaktır. 0.533.064 00 38
ESENYURTTA aksamda görevlendirilecek çay, temizlik personeli aranıyor. 0532.440 54 95
EV temizliğine Bayan, Kadıköy 0.532.365 64 13
EYÜP- İkitelli'den temizlik elemanları. 0.212.230 57 05
